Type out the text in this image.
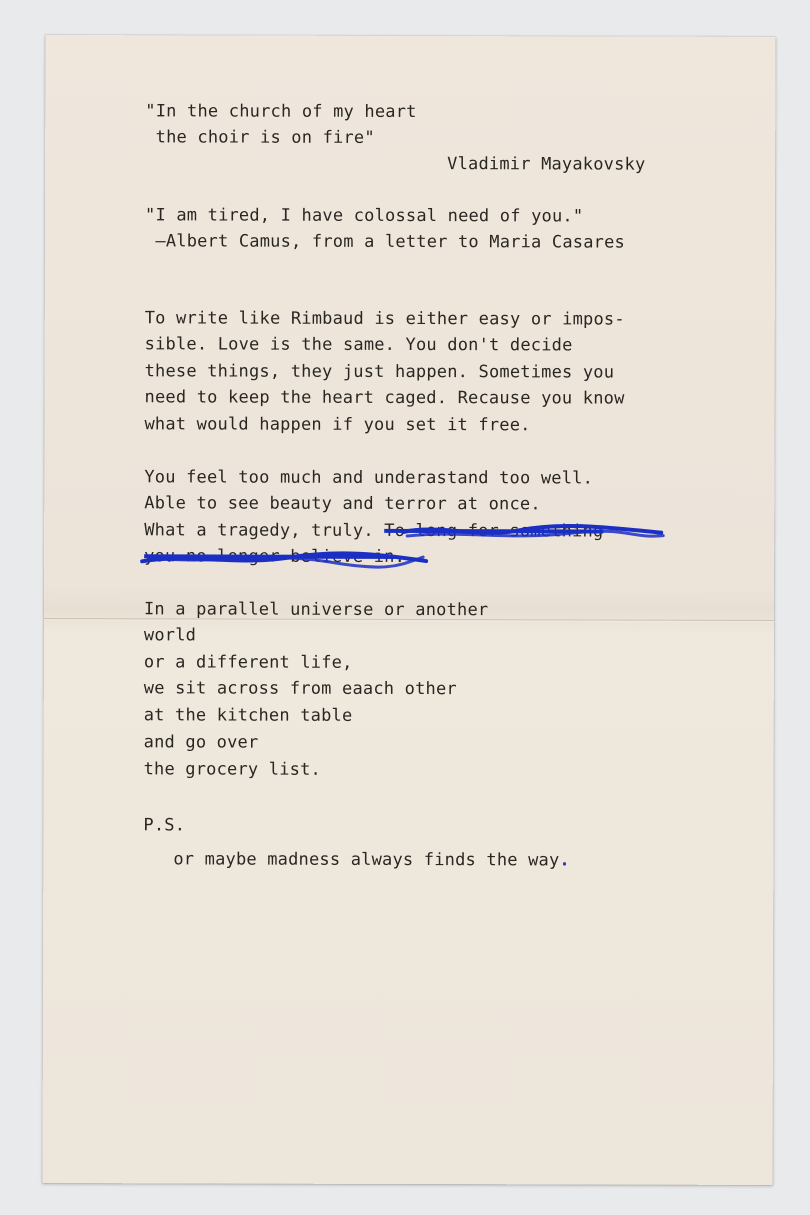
"In the church of my heart

the choir is on fire"

Vladimir Mayakovsky

"I am tired, I have colossal need of you."

—Albert Camus, from a letter to Maria Casares

To write like Rimbaud is either easy or impos-

sible. Love is the same. You don't decide

these things, they just happen. Sometimes you

need to keep the heart caged. Recause you know

what would happen if you set it free.

You feel too much and underastand too well.

Able to see beauty and terror at once.

What a tragedy, truly. To long for something

you no longer believe in.

In a parallel universe or another

world

or a different life,

we sit across from eaach other

at the kitchen table

and go over

the grocery list.

P.S.

or maybe madness always finds the way.
